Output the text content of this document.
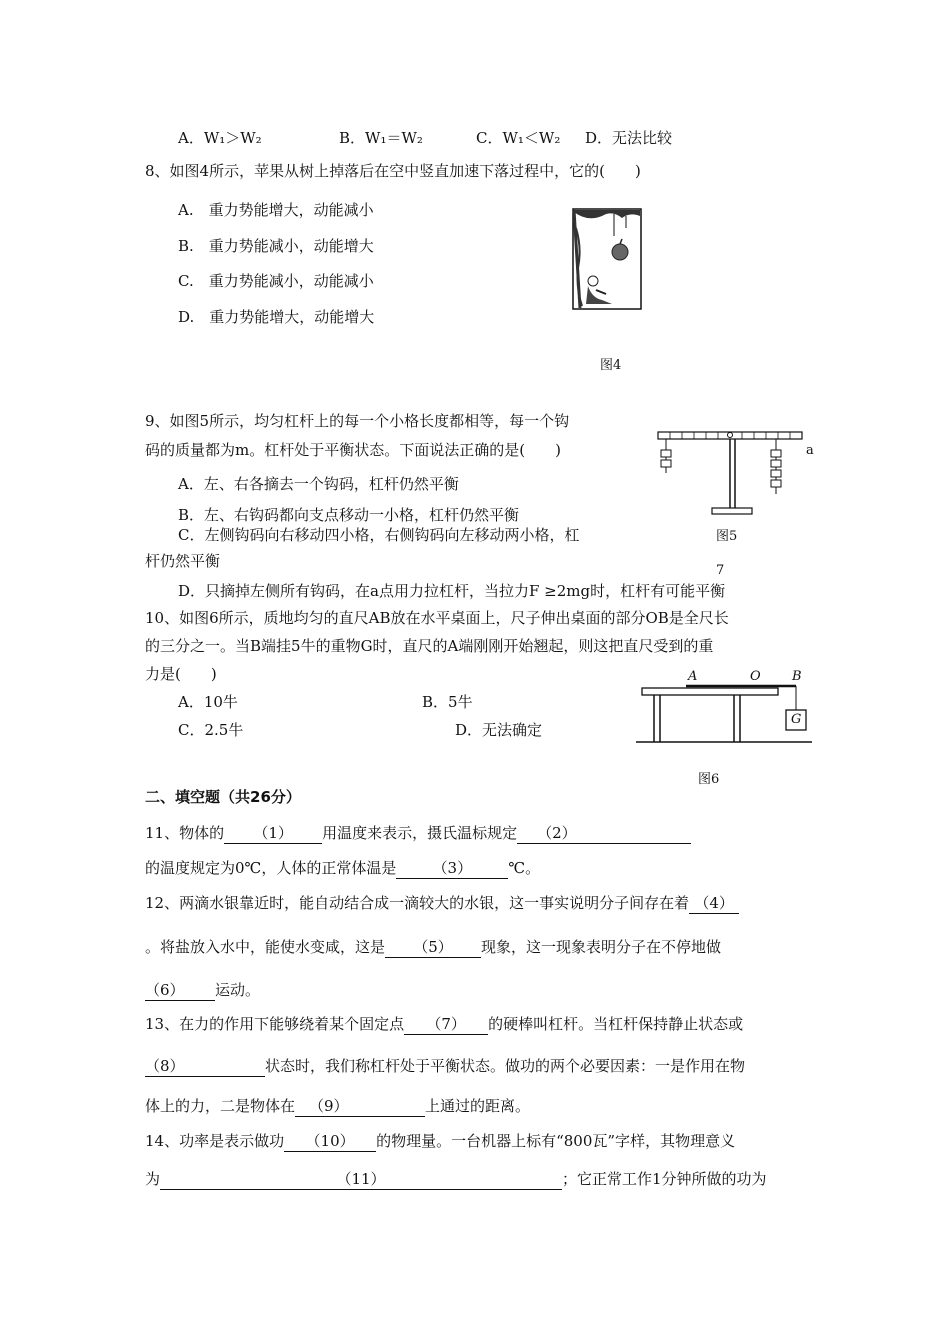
A．W₁＞W₂	B．W₁＝W₂	C．W₁＜W₂ D．无法比较
8、如图4所示，苹果从树上掉落后在空中竖直加速下落过程中，它的(　　)
A.　重力势能增大，动能减小
B.　重力势能减小，动能增大
C.　重力势能减小，动能减小
D.　重力势能增大，动能增大
图4
9、如图5所示，均匀杠杆上的每一个小格长度都相等，每一个钩
码的质量都为m。杠杆处于平衡状态。下面说法正确的是(　　)
A．左、右各摘去一个钩码，杠杆仍然平衡
B．左、右钩码都向支点移动一小格，杠杆仍然平衡
C．左侧钩码向右移动四小格，右侧钩码向左移动两小格，杠
杆仍然平衡
D．只摘掉左侧所有钩码，在a点用力拉杠杆，当拉力F ≥2mg时，杠杆有可能平衡
a
图5
7
10、如图6所示，质地均匀的直尺AB放在水平桌面上，尺子伸出桌面的部分OB是全尺长
的三分之一。当B端挂5牛的重物G时，直尺的A端刚刚开始翘起，则这把直尺受到的重
力是(　　)
A．10牛	B．5牛
C．2.5牛	D．无法确定
A	O B
G
图6
二、填空题（共26分）
11、物体的 （1） 用温度来表示，摄氏温标规定 （2）
的温度规定为0℃，人体的正常体温是 （3） ℃。
12、两滴水银靠近时，能自动结合成一滴较大的水银，这一事实说明分子间存在着 （4）
。将盐放入水中，能使水变咸，这是 （5） 现象，这一现象表明分子在不停地做
（6） 运动。
13、在力的作用下能够绕着某个固定点 （7） 的硬棒叫杠杆。当杠杆保持静止状态或
（8）	状态时，我们称杠杆处于平衡状态。做功的两个必要因素：一是作用在物
体上的力，二是物体在 （9）	上通过的距离。
14、功率是表示做功 （10） 的物理量。一台机器上标有“800瓦”字样，其物理意义
为	（11）	；它正常工作1分钟所做的功为
